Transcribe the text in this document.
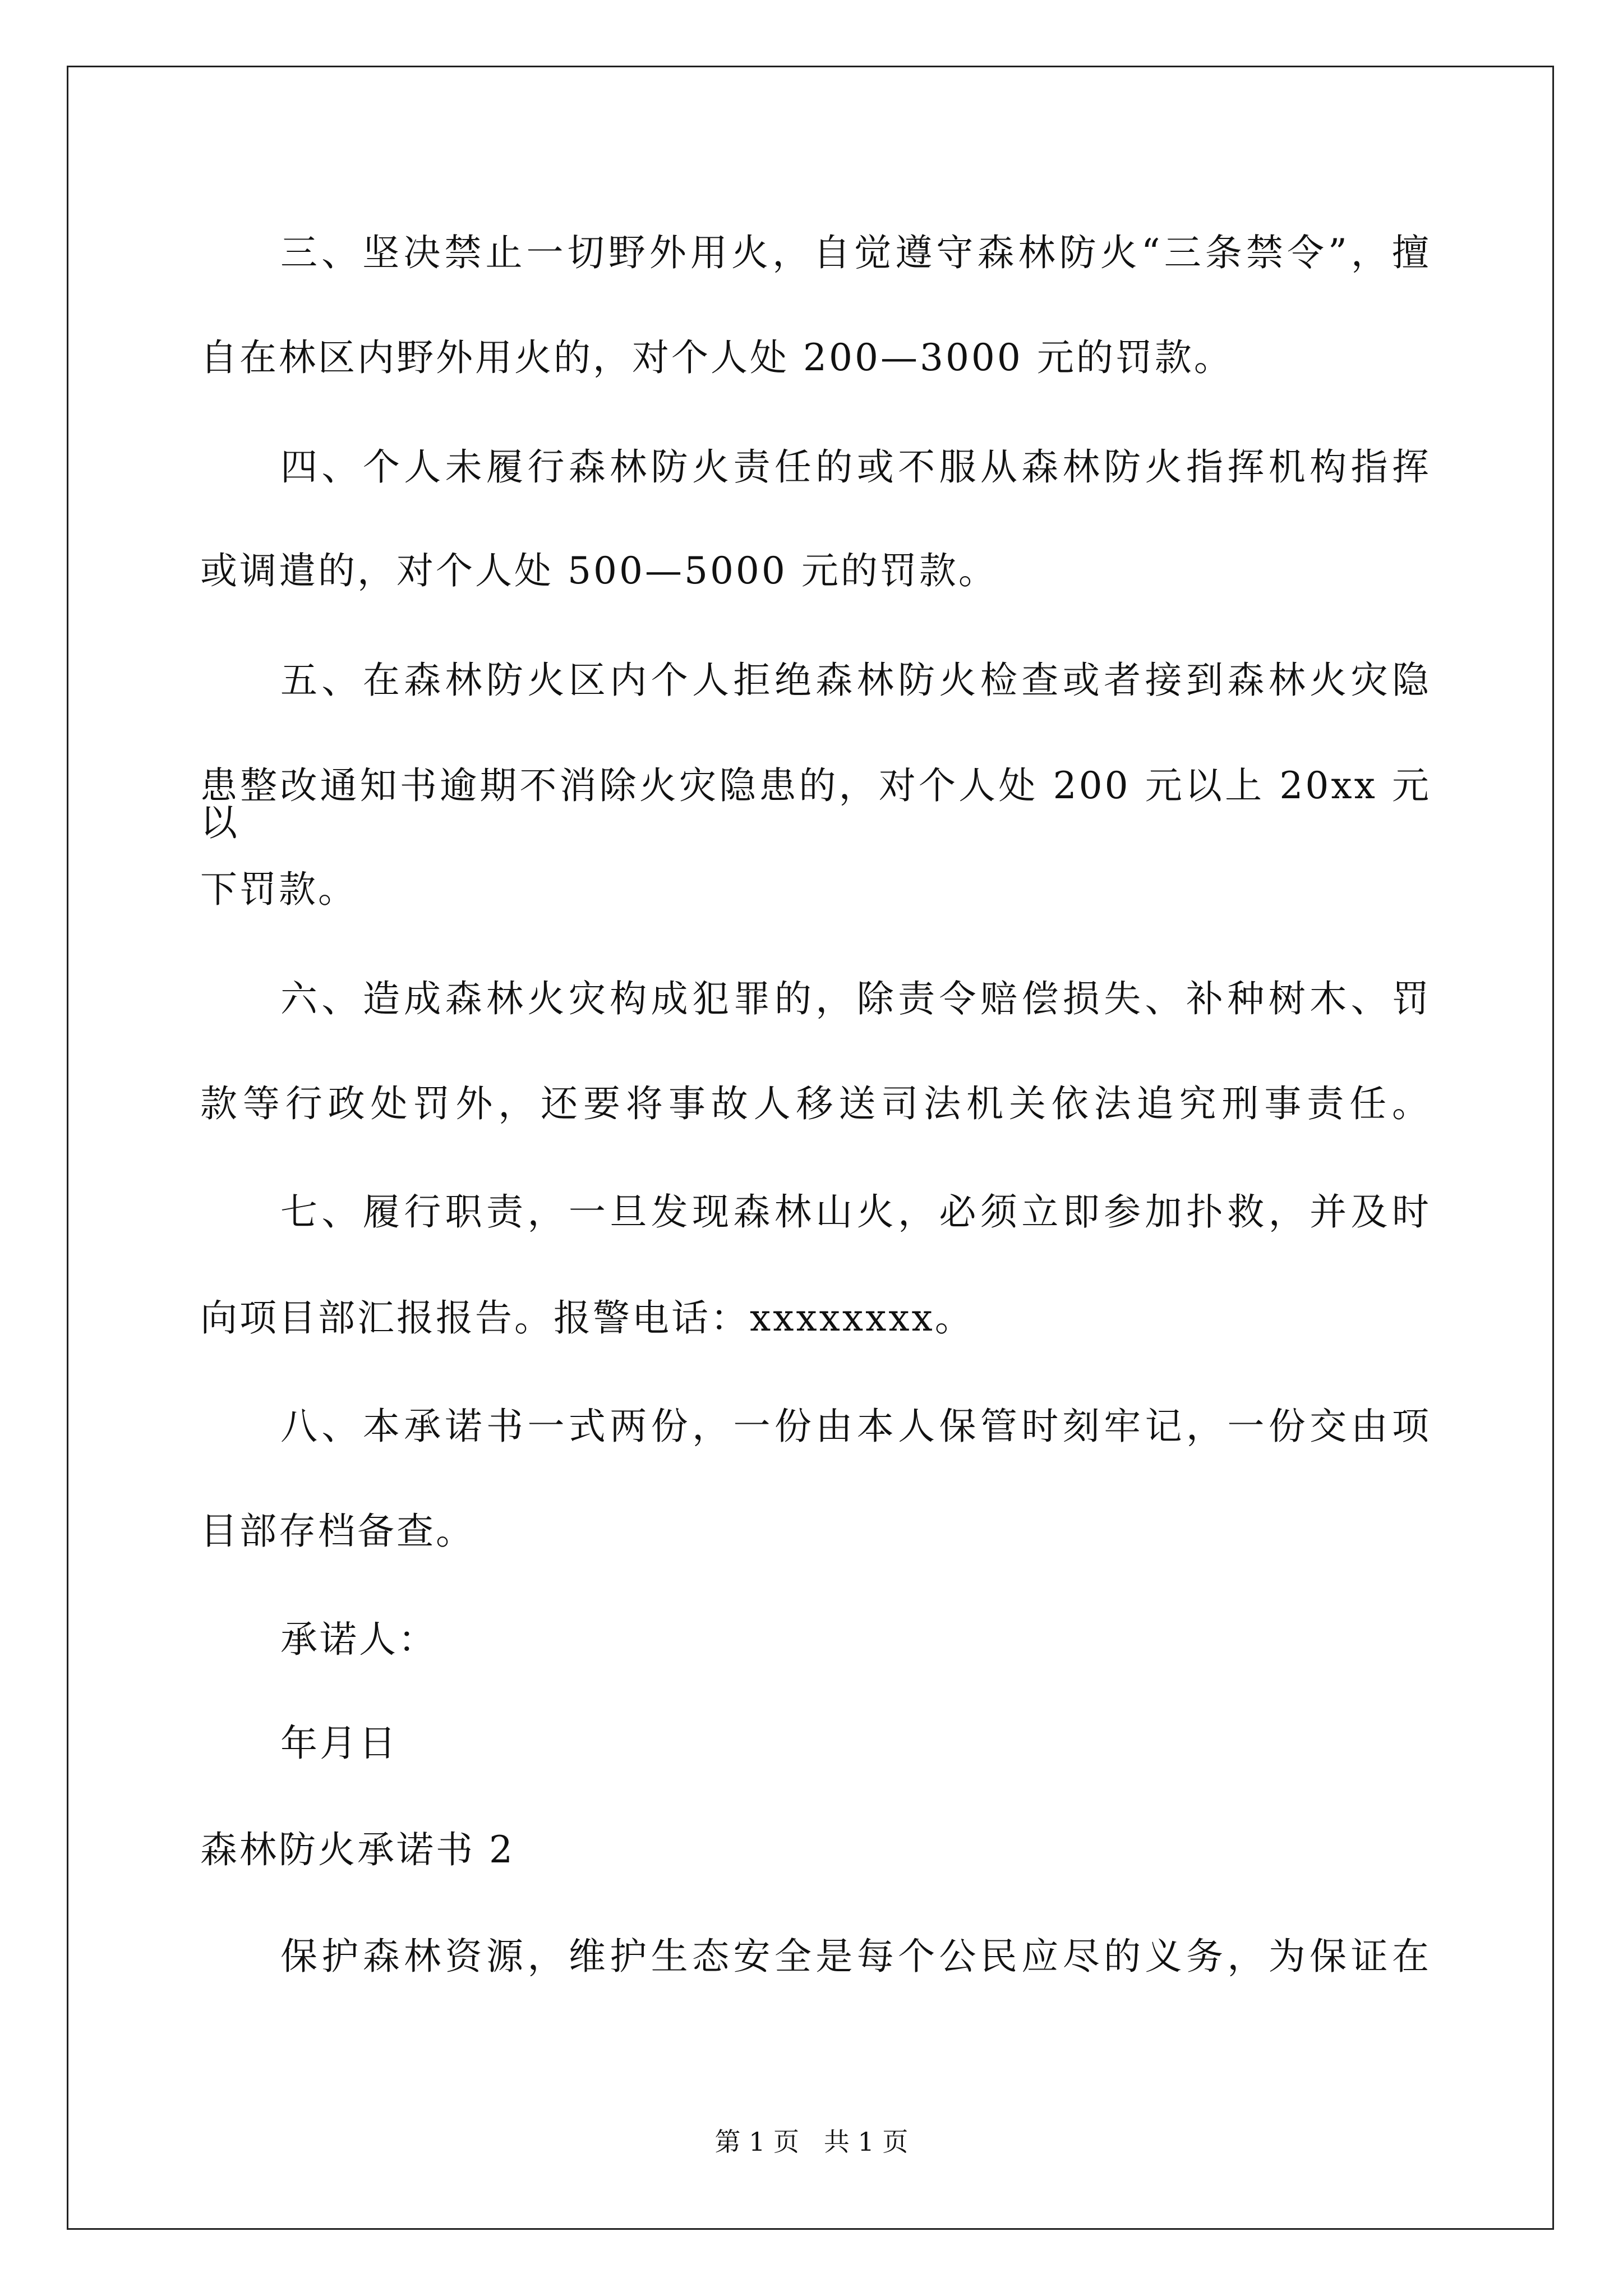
三、坚决禁止一切野外用火，自觉遵守森林防火“三条禁令”，擅
自在林区内野外用火的，对个人处 200—3000 元的罚款。
四、个人未履行森林防火责任的或不服从森林防火指挥机构指挥
或调遣的，对个人处 500—5000 元的罚款。
五、在森林防火区内个人拒绝森林防火检查或者接到森林火灾隐
患整改通知书逾期不消除火灾隐患的，对个人处 200 元以上 20xx 元以
下罚款。
六、造成森林火灾构成犯罪的，除责令赔偿损失、补种树木、罚
款等行政处罚外，还要将事故人移送司法机关依法追究刑事责任。
七、履行职责，一旦发现森林山火，必须立即参加扑救，并及时
向项目部汇报报告。报警电话：xxxxxxxx。
八、本承诺书一式两份，一份由本人保管时刻牢记，一份交由项
目部存档备查。
承诺人：
年月日
森林防火承诺书 2
保护森林资源，维护生态安全是每个公民应尽的义务，为保证在
第 1 页   共 1 页
